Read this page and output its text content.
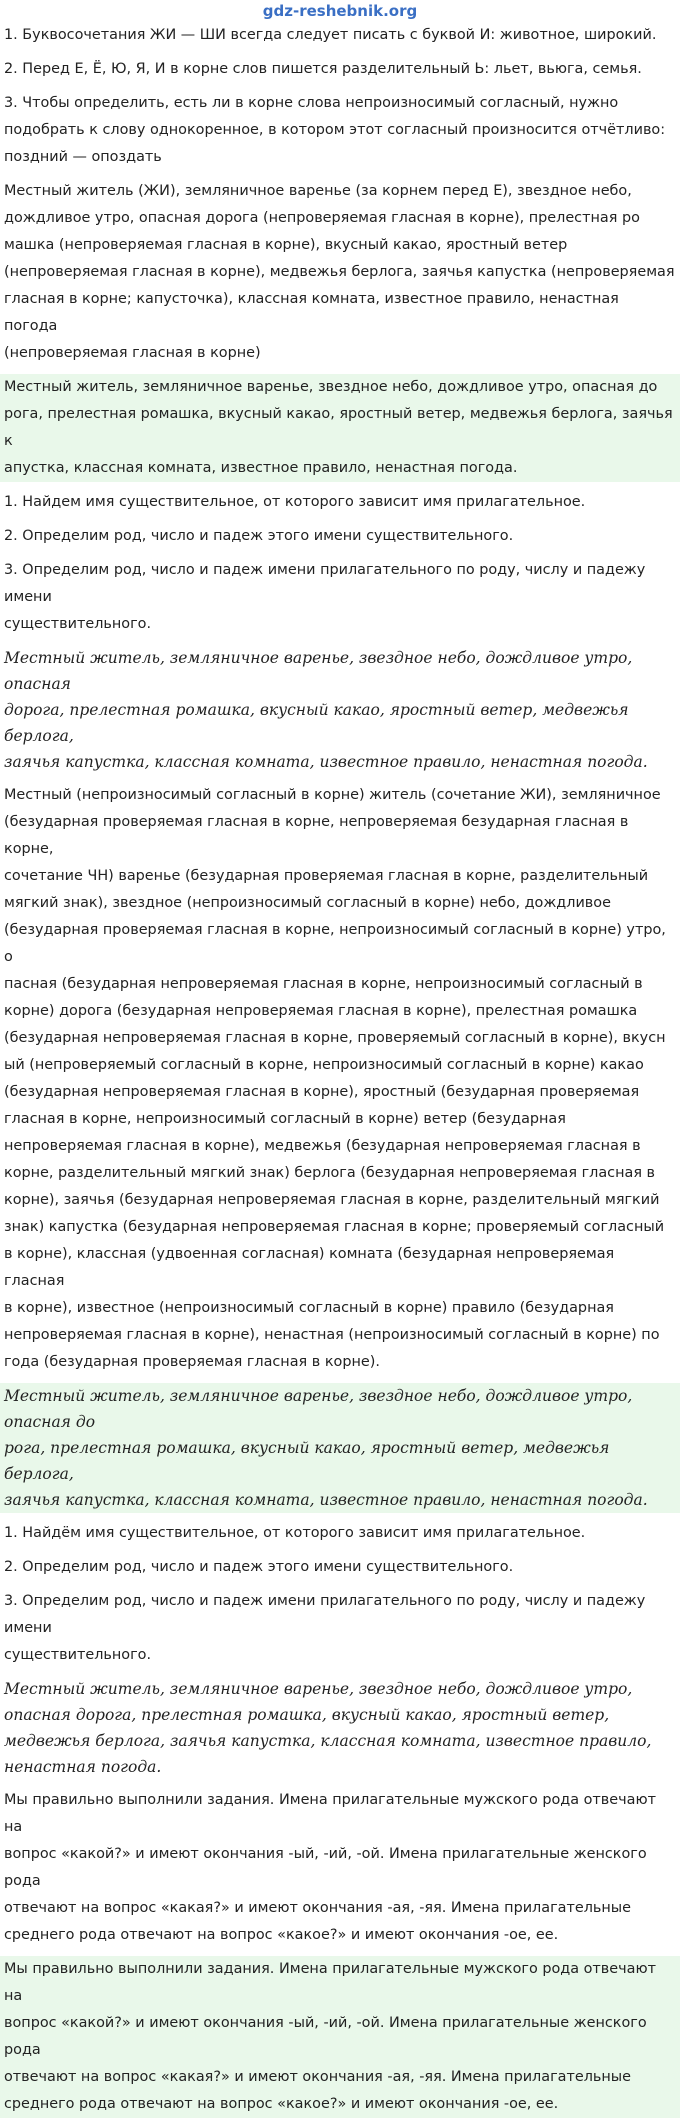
gdz-reshebnik.org
1. Буквосочетания ЖИ — ШИ всегда следует писать с буквой И: животное, широкий.
2. Перед Е, Ё, Ю, Я, И в корне слов пишется разделительный Ь: льет, вьюга, семья.
3. Чтобы определить, есть ли в корне слова непроизносимый согласный, нужно
подобрать к слову однокоренное, в котором этот согласный произносится отчётливо:
поздний — опоздать
Местный житель (ЖИ), земляничное варенье (за корнем перед Е), звездное небо,
дождливое утро, опасная дорога (непроверяемая гласная в корне), прелестная ро
машка (непроверяемая гласная в корне), вкусный какао, яростный ветер
(непроверяемая гласная в корне), медвежья берлога, заячья капустка (непроверяемая
гласная в корне; капусточка), классная комната, известное правило, ненастная погода
(непроверяемая гласная в корне)
Местный житель, земляничное варенье, звездное небо, дождливое утро, опасная до
рога, прелестная ромашка, вкусный какао, яростный ветер, медвежья берлога, заячья к
апустка, классная комната, известное правило, ненастная погода.
1. Найдем имя существительное, от которого зависит имя прилагательное.
2. Определим род, число и падеж этого имени существительного.
3. Определим род, число и падеж имени прилагательного по роду, числу и падежу имени
существительного.
Местный житель, земляничное варенье, звездное небо, дождливое утро, опасная
дорога, прелестная ромашка, вкусный какао, яростный ветер, медвежья берлога,
заячья капустка, классная комната, известное правило, ненастная погода.
Местный (непроизносимый согласный в корне) житель (сочетание ЖИ), земляничное
(безударная проверяемая гласная в корне, непроверяемая безударная гласная в корне,
сочетание ЧН) варенье (безударная проверяемая гласная в корне, разделительный
мягкий знак), звездное (непроизносимый согласный в корне) небо, дождливое
(безударная проверяемая гласная в корне, непроизносимый согласный в корне) утро, о
пасная (безударная непроверяемая гласная в корне, непроизносимый согласный в
корне) дорога (безударная непроверяемая гласная в корне), прелестная ромашка
(безударная непроверяемая гласная в корне, проверяемый согласный в корне), вкусн
ый (непроверяемый согласный в корне, непроизносимый согласный в корне) какао
(безударная непроверяемая гласная в корне), яростный (безударная проверяемая
гласная в корне, непроизносимый согласный в корне) ветер (безударная
непроверяемая гласная в корне), медвежья (безударная непроверяемая гласная в
корне, разделительный мягкий знак) берлога (безударная непроверяемая гласная в
корне), заячья (безударная непроверяемая гласная в корне, разделительный мягкий
знак) капустка (безударная непроверяемая гласная в корне; проверяемый согласный
в корне), классная (удвоенная согласная) комната (безударная непроверяемая гласная
в корне), известное (непроизносимый согласный в корне) правило (безударная
непроверяемая гласная в корне), ненастная (непроизносимый согласный в корне) по
года (безударная проверяемая гласная в корне).
Местный житель, земляничное варенье, звездное небо, дождливое утро, опасная до
рога, прелестная ромашка, вкусный какао, яростный ветер, медвежья берлога,
заячья капустка, классная комната, известное правило, ненастная погода.
1. Найдём имя существительное, от которого зависит имя прилагательное.
2. Определим род, число и падеж этого имени существительного.
3. Определим род, число и падеж имени прилагательного по роду, числу и падежу имени
существительного.
Местный житель, земляничное варенье, звездное небо, дождливое утро,
опасная дорога, прелестная ромашка, вкусный какао, яростный ветер,
медвежья берлога, заячья капустка, классная комната, известное правило,
ненастная погода.
Мы правильно выполнили задания. Имена прилагательные мужского рода отвечают на
вопрос «какой?» и имеют окончания -ый, -ий, -ой. Имена прилагательные женского рода
отвечают на вопрос «какая?» и имеют окончания -ая, -яя. Имена прилагательные
среднего рода отвечают на вопрос «какое?» и имеют окончания -ое, ее.
Мы правильно выполнили задания. Имена прилагательные мужского рода отвечают на
вопрос «какой?» и имеют окончания -ый, -ий, -ой. Имена прилагательные женского рода
отвечают на вопрос «какая?» и имеют окончания -ая, -яя. Имена прилагательные
среднего рода отвечают на вопрос «какое?» и имеют окончания -ое, ее.
